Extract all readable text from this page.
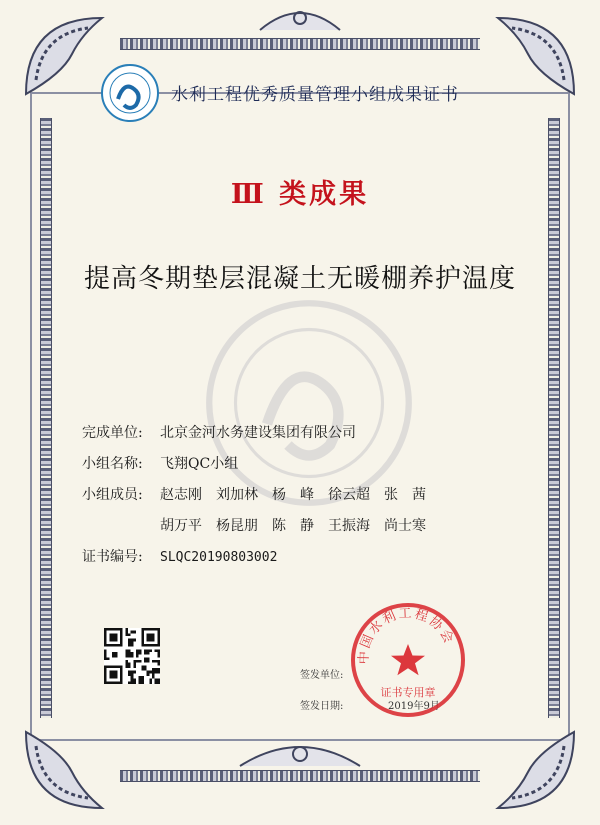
水利工程优秀质量管理小组成果证书
Ⅲ 类成果
提高冬期垫层混凝土无暖棚养护温度
完成单位: 北京金河水务建设集团有限公司
小组名称: 飞翔QC小组
小组成员: 赵志刚 刘加林 杨　峰 徐云超 张　茜
胡万平 杨昆朋 陈　静 王振海 尚士寒
证书编号: SLQC20190803002
签发单位:
签发日期:	2019年9月
中国水利工程协会
证书专用章
